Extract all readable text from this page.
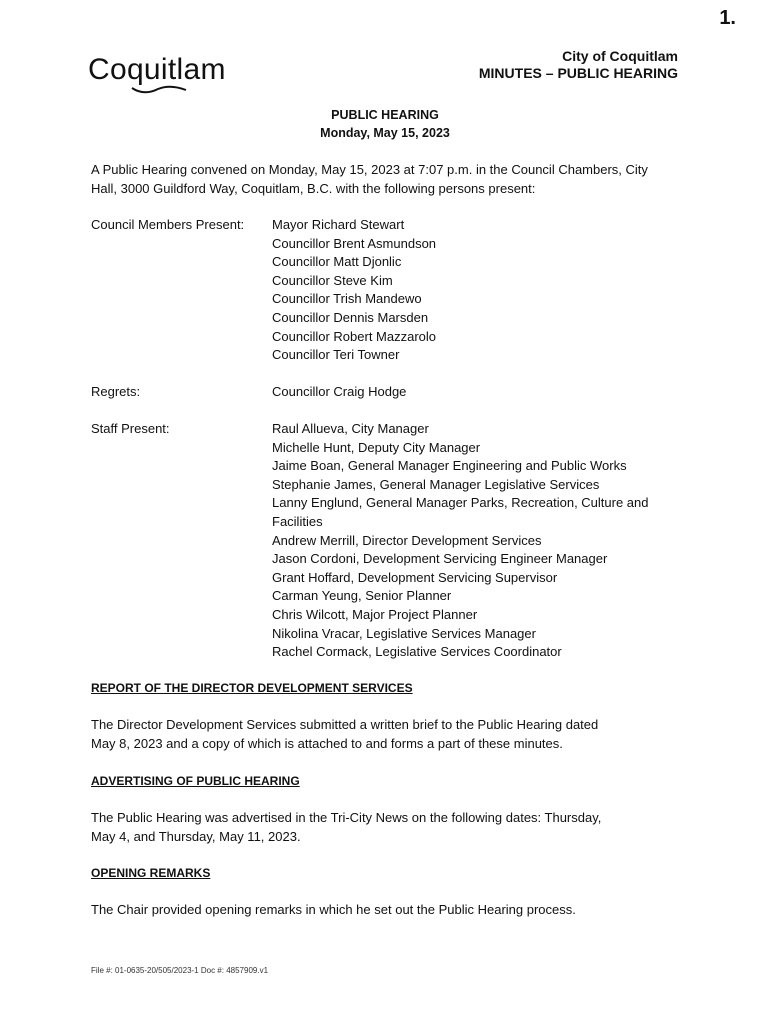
1.
Coquitlam	City of Coquitlam
MINUTES – PUBLIC HEARING
PUBLIC HEARING
Monday, May 15, 2023

A Public Hearing convened on Monday, May 15, 2023 at 7:07 p.m. in the Council Chambers, City

Hall, 3000 Guildford Way, Coquitlam, B.C. with the following persons present:

Council Members Present:	Mayor Richard Stewart
Councillor Brent Asmundson
Councillor Matt Djonlic
Councillor Steve Kim
Councillor Trish Mandewo
Councillor Dennis Marsden
Councillor Robert Mazzarolo
Councillor Teri Towner
Regrets:	Councillor Craig Hodge
Staff Present:	Raul Allueva, City Manager
Michelle Hunt, Deputy City Manager
Jaime Boan, General Manager Engineering and Public Works
Stephanie James, General Manager Legislative Services
Lanny Englund, General Manager Parks, Recreation, Culture and
Facilities
Andrew Merrill, Director Development Services
Jason Cordoni, Development Servicing Engineer Manager
Grant Hoffard, Development Servicing Supervisor
Carman Yeung, Senior Planner
Chris Wilcott, Major Project Planner
Nikolina Vracar, Legislative Services Manager
Rachel Cormack, Legislative Services Coordinator
REPORT OF THE DIRECTOR DEVELOPMENT SERVICES

The Director Development Services submitted a written brief to the Public Hearing dated

May 8, 2023 and a copy of which is attached to and forms a part of these minutes.

ADVERTISING OF PUBLIC HEARING

The Public Hearing was advertised in the Tri-City News on the following dates: Thursday,

May 4, and Thursday, May 11, 2023.

OPENING REMARKS

The Chair provided opening remarks in which he set out the Public Hearing process.

File #: 01-0635-20/505/2023-1 Doc #: 4857909.v1
